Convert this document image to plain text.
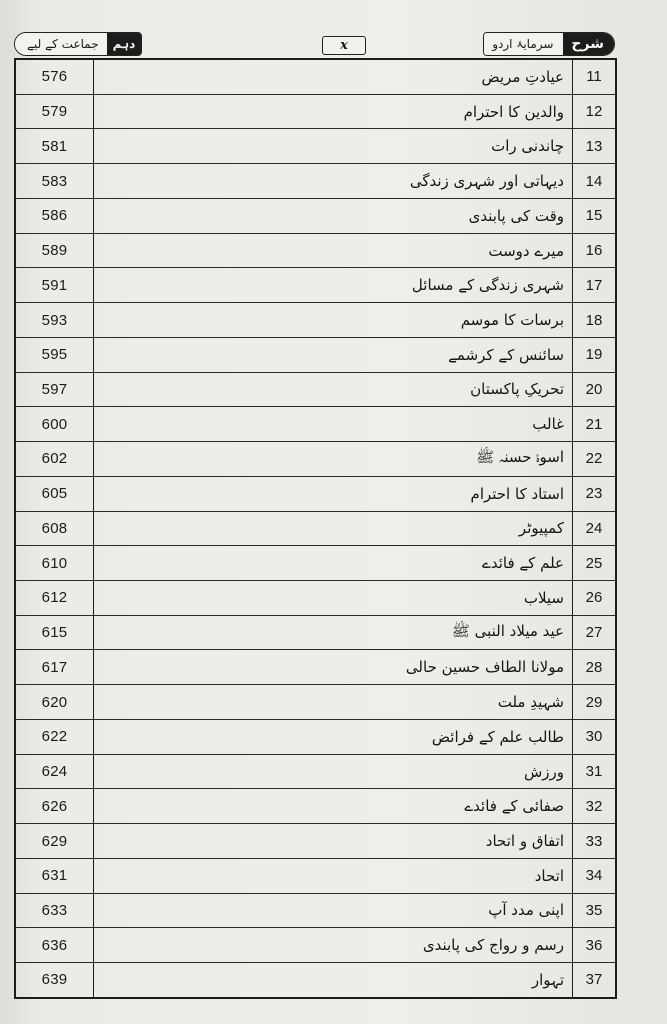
جماعت کے لیے	دہم	x	سرمایۂ اردو	شرح
576	عیادتِ مریض	11
579	والدین کا احترام	12
581	چاندنی رات	13
583	دیہاتی اور شہری زندگی	14
586	وقت کی پابندی	15
589	میرے دوست	16
591	شہری زندگی کے مسائل	17
593	برسات کا موسم	18
595	سائنس کے کرشمے	19
597	تحریکِ پاکستان	20
600	غالب	21
602	اسوۂ حسنہ ﷺ	22
605	استاد کا احترام	23
608	کمپیوٹر	24
610	علم کے فائدے	25
612	سیلاب	26
615	عید میلاد النبی ﷺ	27
617	مولانا الطاف حسین حالی	28
620	شہیدِ ملت	29
622	طالب علم کے فرائض	30
624	ورزش	31
626	صفائی کے فائدے	32
629	اتفاق و اتحاد	33
631	اتحاد	34
633	اپنی مدد آپ	35
636	رسم و رواج کی پابندی	36
639	تہوار	37
